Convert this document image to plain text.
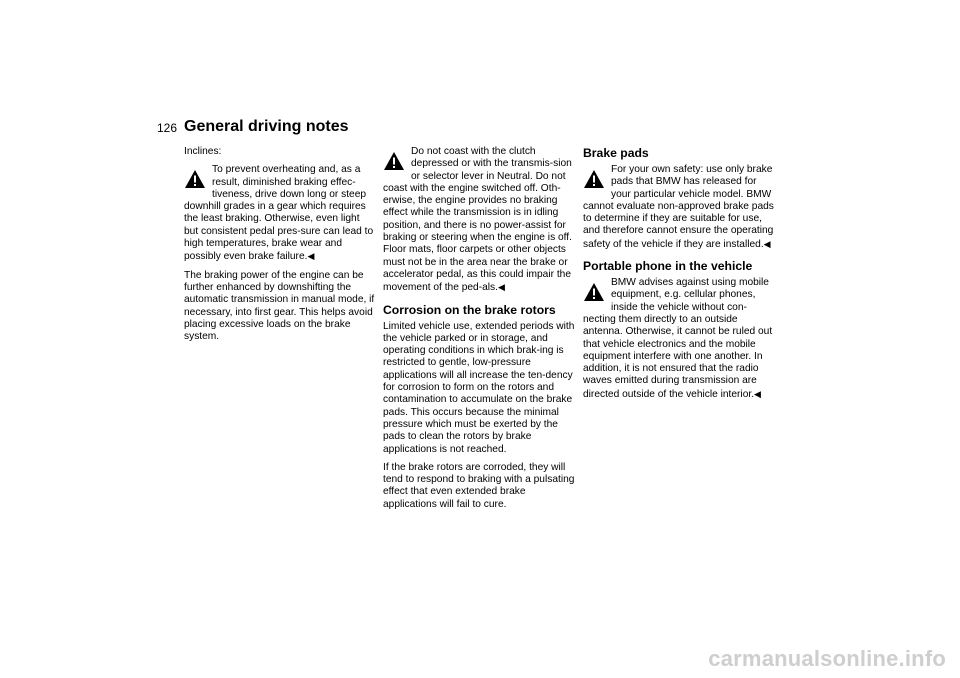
126 General driving notes

Inclines:

To prevent overheating and, as a result, diminished braking effec-tiveness, drive down long or steep downhill grades in a gear which requires the least braking. Otherwise, even light but consistent pedal pres-sure can lead to high temperatures, brake wear and possibly even brake failure.◀

The braking power of the engine can be further enhanced by downshifting the automatic transmission in manual mode, if necessary, into first gear. This helps avoid placing excessive loads on the brake system.

Do not coast with the clutch depressed or with the transmis-sion or selector lever in Neutral. Do not coast with the engine switched off. Oth-erwise, the engine provides no braking effect while the transmission is in idling position, and there is no power-assist for braking or steering when the engine is off.

Floor mats, floor carpets or other objects must not be in the area near the brake or accelerator pedal, as this could impair the movement of the ped-als.◀

Corrosion on the brake rotors

Limited vehicle use, extended periods with the vehicle parked or in storage, and operating conditions in which brak-ing is restricted to gentle, low-pressure applications will all increase the ten-dency for corrosion to form on the rotors and contamination to accumulate on the brake pads. This occurs because the minimal pressure which must be exerted by the pads to clean the rotors by brake applications is not reached.

If the brake rotors are corroded, they will tend to respond to braking with a pulsating effect that even extended brake applications will fail to cure.

Brake pads
For your own safety: use only brake pads that BMW has released for your particular vehicle model. BMW cannot evaluate non-approved brake pads to determine if they are suitable for use, and therefore cannot ensure the operating safety of the vehicle if they are installed.◀
Portable phone in the vehicle
BMW advises against using mobile equipment, e.g. cellular phones, inside the vehicle without con-necting them directly to an outside antenna. Otherwise, it cannot be ruled out that vehicle electronics and the mobile equipment interfere with one another. In addition, it is not ensured that the radio waves emitted during transmission are directed outside of the vehicle interior.◀
carmanualsonline.info
